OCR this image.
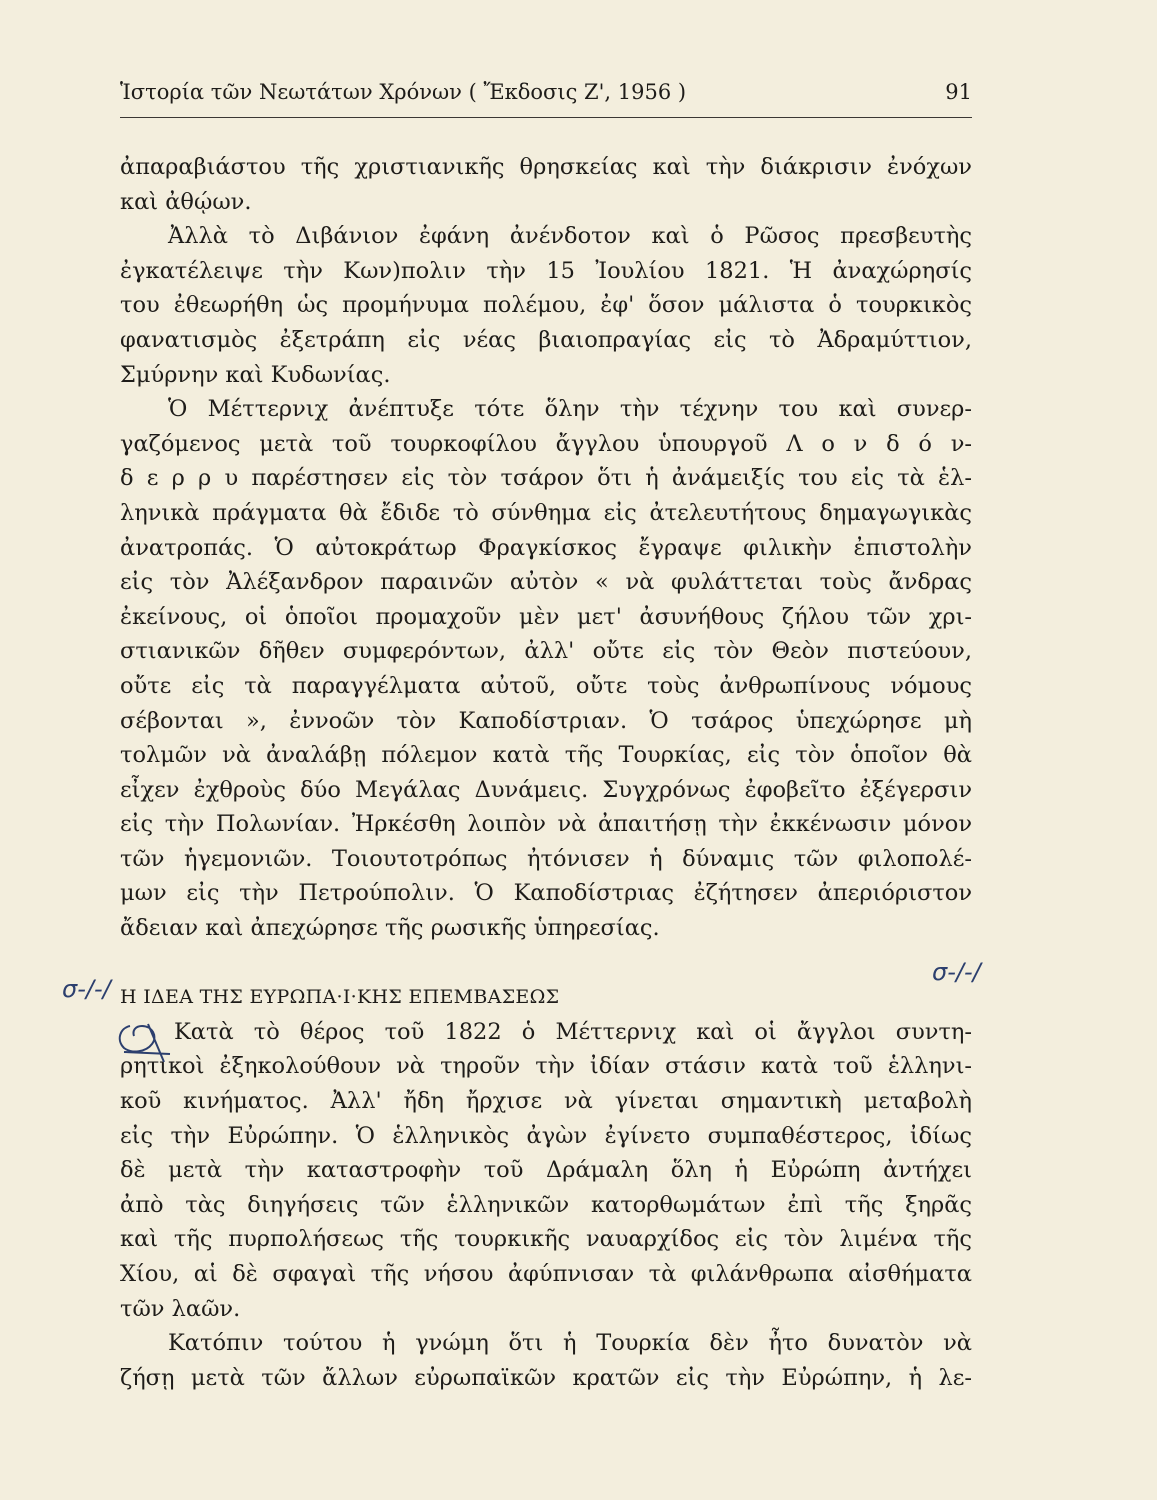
Ἱστορία τῶν Νεωτάτων Χρόνων ( Ἔκδοσις Ζ', 1956 )	91
ἀπαραβιάστου τῆς χριστιανικῆς θρησκείας καὶ τὴν διάκρισιν ἐνόχων
καὶ ἀθῴων.
Ἀλλὰ τὸ Διβάνιον ἐφάνη ἀνένδοτον καὶ ὁ Ρῶσος πρεσβευτὴς
ἐγκατέλειψε τὴν Κων)πολιν τὴν 15 Ἰουλίου 1821. Ἡ ἀναχώρησίς
του ἐθεωρήθη ὡς προμήνυμα πολέμου, ἐφ' ὅσον μάλιστα ὁ τουρκικὸς
φανατισμὸς ἐξετράπη εἰς νέας βιαιοπραγίας εἰς τὸ Ἀδραμύττιον,
Σμύρνην καὶ Κυδωνίας.
Ὁ Μέττερνιχ ἀνέπτυξε τότε ὅλην τὴν τέχνην του καὶ συνερ-
γαζόμενος μετὰ τοῦ τουρκοφίλου ἄγγλου ὑπουργοῦ Λ ο ν δ ό ν-
δ ε ρ ρ υ παρέστησεν εἰς τὸν τσάρον ὅτι ἡ ἀνάμειξίς του εἰς τὰ ἑλ-
ληνικὰ πράγματα θὰ ἔδιδε τὸ σύνθημα εἰς ἀτελευτήτους δημαγωγικὰς
ἀνατροπάς. Ὁ αὐτοκράτωρ Φραγκίσκος ἔγραψε φιλικὴν ἐπιστολὴν
εἰς τὸν Ἀλέξανδρον παραινῶν αὐτὸν « νὰ φυλάττεται τοὺς ἄνδρας
ἐκείνους, οἱ ὁποῖοι προμαχοῦν μὲν μετ' ἀσυνήθους ζήλου τῶν χρι-
στιανικῶν δῆθεν συμφερόντων, ἀλλ' οὔτε εἰς τὸν Θεὸν πιστεύουν,
οὔτε εἰς τὰ παραγγέλματα αὐτοῦ, οὔτε τοὺς ἀνθρωπίνους νόμους
σέβονται », ἐννοῶν τὸν Καποδίστριαν. Ὁ τσάρος ὑπεχώρησε μὴ
τολμῶν νὰ ἀναλάβῃ πόλεμον κατὰ τῆς Τουρκίας, εἰς τὸν ὁποῖον θὰ
εἶχεν ἐχθροὺς δύο Μεγάλας Δυνάμεις. Συγχρόνως ἐφοβεῖτο ἐξέγερσιν
εἰς τὴν Πολωνίαν. Ἠρκέσθη λοιπὸν νὰ ἀπαιτήσῃ τὴν ἐκκένωσιν μόνον
τῶν ἡγεμονιῶν. Τοιουτοτρόπως ἠτόνισεν ἡ δύναμις τῶν φιλοπολέ-
μων εἰς τὴν Πετρούπολιν. Ὁ Καποδίστριας ἐζήτησεν ἀπεριόριστον
ἄδειαν καὶ ἀπεχώρησε τῆς ρωσικῆς ὑπηρεσίας.
Η ΙΔΕΑ ΤΗΣ ΕΥΡΩΠΑ·Ι·ΚΗΣ ΕΠΕΜΒΑΣΕΩΣ
Κατὰ τὸ θέρος τοῦ 1822 ὁ Μέττερνιχ καὶ οἱ ἄγγλοι συντη-
ρητικοὶ ἐξηκολούθουν νὰ τηροῦν τὴν ἰδίαν στάσιν κατὰ τοῦ ἑλληνι-
κοῦ κινήματος. Ἀλλ' ἤδη ἤρχισε νὰ γίνεται σημαντικὴ μεταβολὴ
εἰς τὴν Εὐρώπην. Ὁ ἑλληνικὸς ἀγὼν ἐγίνετο συμπαθέστερος, ἰδίως
δὲ μετὰ τὴν καταστροφὴν τοῦ Δράμαλη ὅλη ἡ Εὐρώπη ἀντήχει
ἀπὸ τὰς διηγήσεις τῶν ἑλληνικῶν κατορθωμάτων ἐπὶ τῆς ξηρᾶς
καὶ τῆς πυρπολήσεως τῆς τουρκικῆς ναυαρχίδος εἰς τὸν λιμένα τῆς
Χίου, αἱ δὲ σφαγαὶ τῆς νήσου ἀφύπνισαν τὰ φιλάνθρωπα αἰσθήματα
τῶν λαῶν.
Κατόπιν τούτου ἡ γνώμη ὅτι ἡ Τουρκία δὲν ἦτο δυνατὸν νὰ
ζήσῃ μετὰ τῶν ἄλλων εὐρωπαϊκῶν κρατῶν εἰς τὴν Εὐρώπην, ἡ λε-
σ-/-/
σ-/-/
